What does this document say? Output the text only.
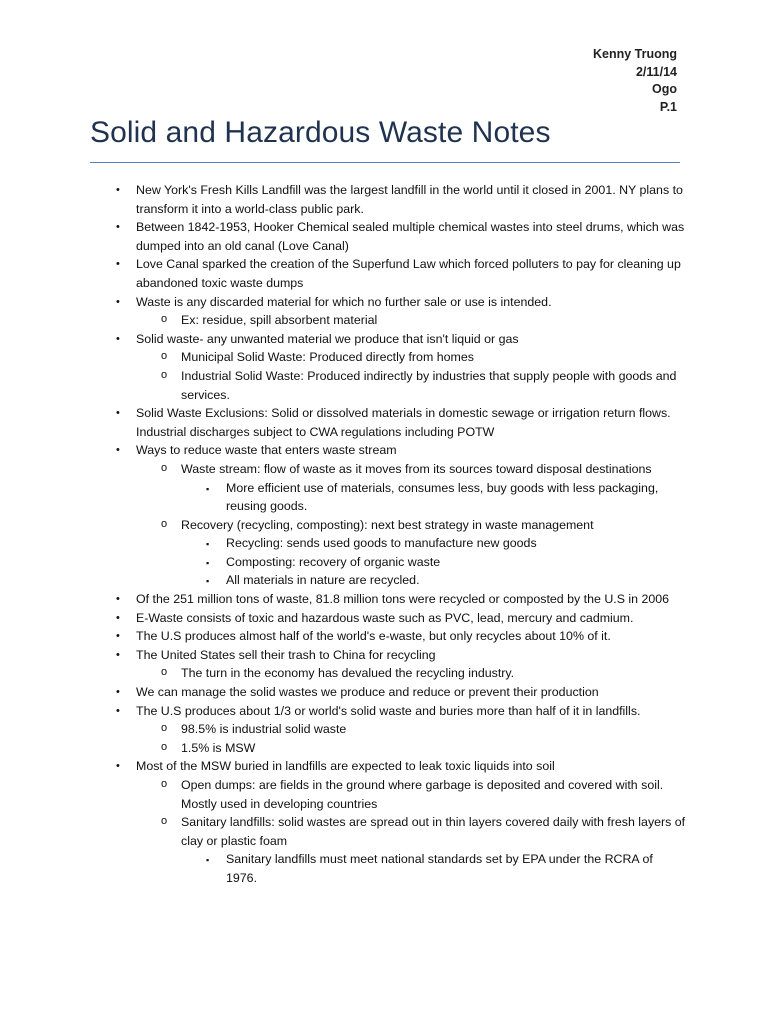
Kenny Truong
2/11/14
Ogo
P.1
Solid and Hazardous Waste Notes
• New York's Fresh Kills Landfill was the largest landfill in the world until it closed in 2001. NY plans to transform it into a world-class public park.
• Between 1842-1953, Hooker Chemical sealed multiple chemical wastes into steel drums, which was dumped into an old canal (Love Canal)
• Love Canal sparked the creation of the Superfund Law which forced polluters to pay for cleaning up abandoned toxic waste dumps
• Waste is any discarded material for which no further sale or use is intended.
o Ex: residue, spill absorbent material
• Solid waste- any unwanted material we produce that isn't liquid or gas
o Municipal Solid Waste: Produced directly from homes
o Industrial Solid Waste: Produced indirectly by industries that supply people with goods and services.
• Solid Waste Exclusions: Solid or dissolved materials in domestic sewage or irrigation return flows. Industrial discharges subject to CWA regulations including POTW
• Ways to reduce waste that enters waste stream
o Waste stream: flow of waste as it moves from its sources toward disposal destinations
▪ More efficient use of materials, consumes less, buy goods with less packaging, reusing goods.
o Recovery (recycling, composting): next best strategy in waste management
▪ Recycling: sends used goods to manufacture new goods
▪ Composting: recovery of organic waste
▪ All materials in nature are recycled.
• Of the 251 million tons of waste, 81.8 million tons were recycled or composted by the U.S in 2006
• E-Waste consists of toxic and hazardous waste such as PVC, lead, mercury and cadmium.
• The U.S produces almost half of the world's e-waste, but only recycles about 10% of it.
• The United States sell their trash to China for recycling
o The turn in the economy has devalued the recycling industry.
• We can manage the solid wastes we produce and reduce or prevent their production
• The U.S produces about 1/3 or world's solid waste and buries more than half of it in landfills.
o 98.5% is industrial solid waste
o 1.5% is MSW
• Most of the MSW buried in landfills are expected to leak toxic liquids into soil
o Open dumps: are fields in the ground where garbage is deposited and covered with soil. Mostly used in developing countries
o Sanitary landfills: solid wastes are spread out in thin layers covered daily with fresh layers of clay or plastic foam
▪ Sanitary landfills must meet national standards set by EPA under the RCRA of 1976.
